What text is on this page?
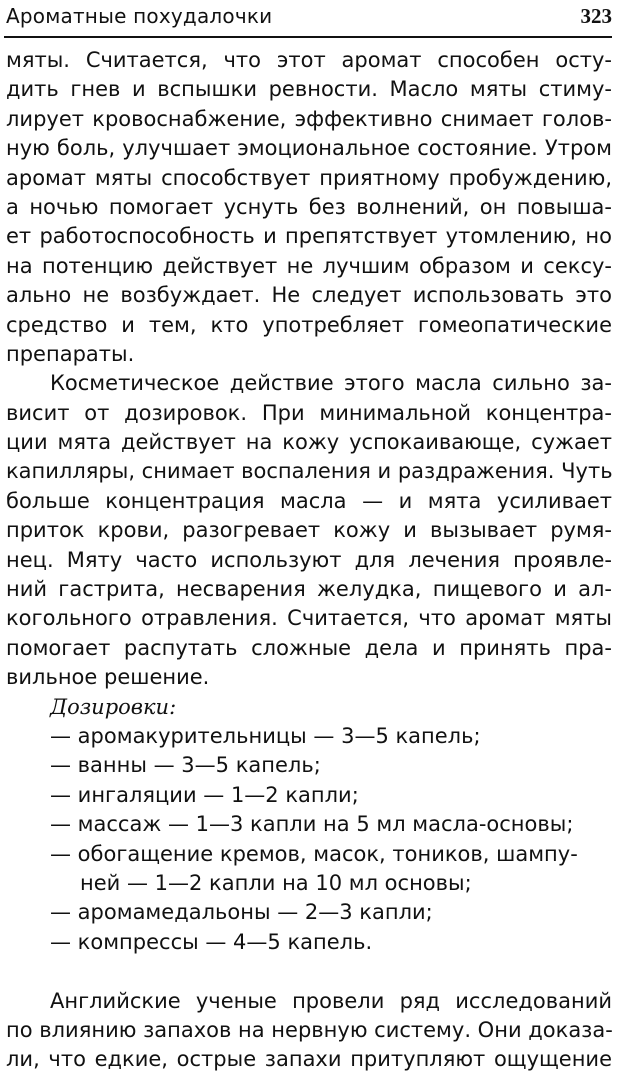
Ароматные похудалочки	323
мяты. Считается, что этот аромат способен осту-
дить гнев и вспышки ревности. Масло мяты стиму-
лирует кровоснабжение, эффективно снимает голов-
ную боль, улучшает эмоциональное состояние. Утром
аромат мяты способствует приятному пробуждению,
а ночью помогает уснуть без волнений, он повыша-
ет работоспособность и препятствует утомлению, но
на потенцию действует не лучшим образом и сексу-
ально не возбуждает. Не следует использовать это
средство и тем, кто употребляет гомеопатические
препараты.
Косметическое действие этого масла сильно за-
висит от дозировок. При минимальной концентра-
ции мята действует на кожу успокаивающе, сужает
капилляры, снимает воспаления и раздражения. Чуть
больше концентрация масла — и мята усиливает
приток крови, разогревает кожу и вызывает румя-
нец. Мяту часто используют для лечения проявле-
ний гастрита, несварения желудка, пищевого и ал-
когольного отравления. Считается, что аромат мяты
помогает распутать сложные дела и принять пра-
вильное решение.
Дозировки:
— аромакурительницы — 3—5 капель;
— ванны — 3—5 капель;
— ингаляции — 1—2 капли;
— массаж — 1—3 капли на 5 мл масла-основы;
— обогащение кремов, масок, тоников, шампу-
ней — 1—2 капли на 10 мл основы;
— аромамедальоны — 2—3 капли;
— компрессы — 4—5 капель.
Английские ученые провели ряд исследований
по влиянию запахов на нервную систему. Они доказа-
ли, что едкие, острые запахи притупляют ощущение
